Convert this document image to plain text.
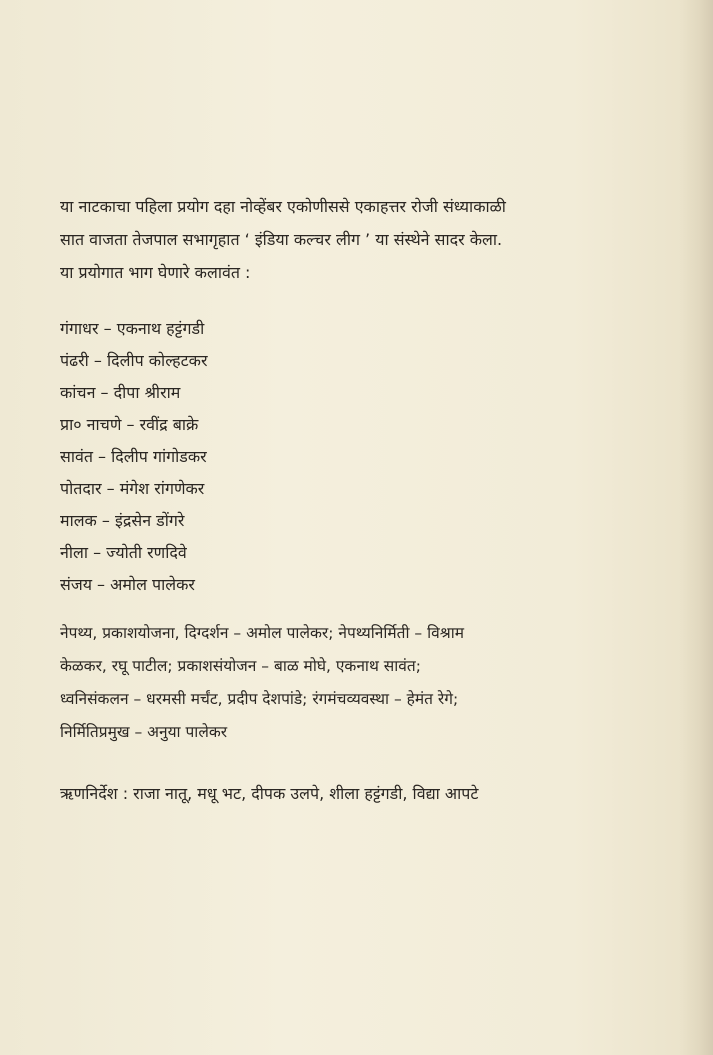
या नाटकाचा पहिला प्रयोग दहा नोव्हेंबर एकोणीससे एकाहत्तर रोजी संध्याकाळी
सात वाजता तेजपाल सभागृहात ‘ इंडिया कल्चर लीग ’ या संस्थेने सादर केला.
या प्रयोगात भाग घेणारे कलावंत :
गंगाधर – एकनाथ हट्टंगडी
पंढरी – दिलीप कोल्हटकर
कांचन – दीपा श्रीराम
प्रा० नाचणे – रवींद्र बाक्रे
सावंत – दिलीप गांगोडकर
पोतदार – मंगेश रांगणेकर
मालक – इंद्रसेन डोंगरे
नीला – ज्योती रणदिवे
संजय – अमोल पालेकर
नेपथ्य, प्रकाशयोजना, दिग्दर्शन – अमोल पालेकर; नेपथ्यनिर्मिती – विश्राम
केळकर, रघू पाटील; प्रकाशसंयोजन – बाळ मोघे, एकनाथ सावंत;
ध्वनिसंकलन – धरमसी मर्चंट, प्रदीप देशपांडे; रंगमंचव्यवस्था – हेमंत रेगे;
निर्मितिप्रमुख – अनुया पालेकर
ऋणनिर्देश : राजा नातू, मधू भट, दीपक उलपे, शीला हट्टंगडी, विद्या आपटे
